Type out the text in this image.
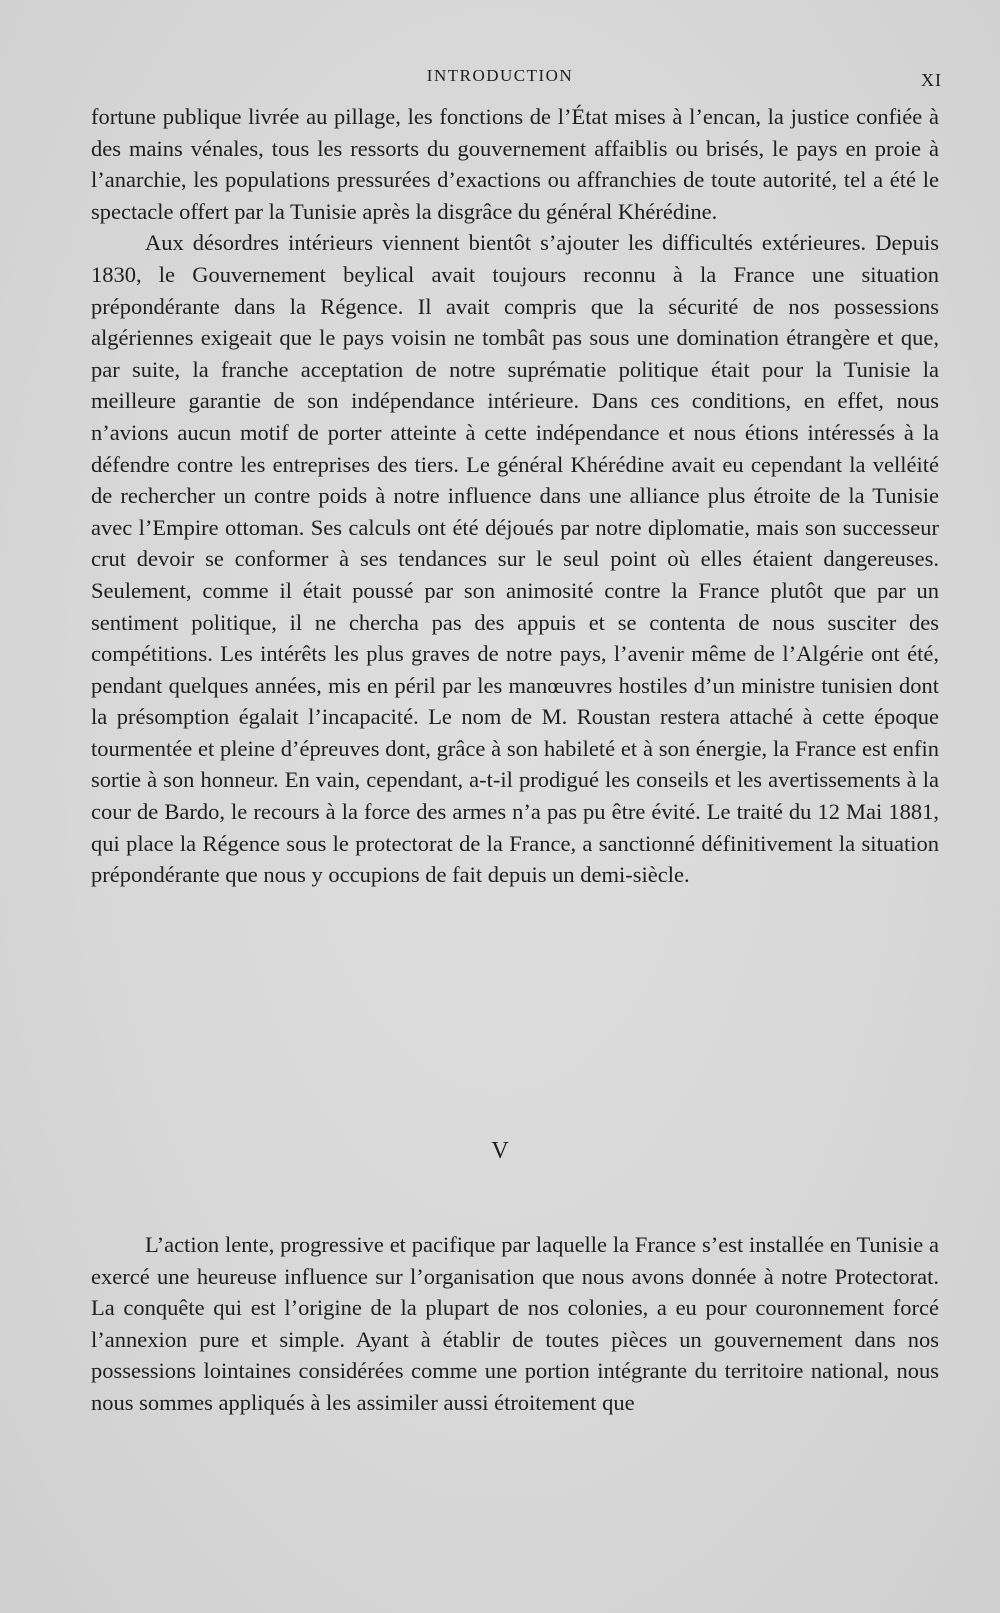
INTRODUCTION	XI

fortune publique livrée au pillage, les fonctions de l’État mises à l’encan, la justice confiée à des mains vénales, tous les ressorts du gouvernement affaiblis ou brisés, le pays en proie à l’anarchie, les populations pressurées d’exactions ou affranchies de toute autorité, tel a été le spectacle offert par la Tunisie après la disgrâce du général Khérédine.

Aux désordres intérieurs viennent bientôt s’ajouter les difficultés extérieures. Depuis 1830, le Gouvernement beylical avait toujours reconnu à la France une situation prépondérante dans la Régence. Il avait compris que la sécurité de nos possessions algériennes exigeait que le pays voisin ne tombât pas sous une domination étrangère et que, par suite, la franche acceptation de notre suprématie politique était pour la Tunisie la meilleure garantie de son indépendance intérieure. Dans ces conditions, en effet, nous n’avions aucun motif de porter atteinte à cette indépendance et nous étions intéressés à la défendre contre les entreprises des tiers. Le général Khérédine avait eu cependant la velléité de rechercher un contre poids à notre influence dans une alliance plus étroite de la Tunisie avec l’Empire ottoman. Ses calculs ont été déjoués par notre diplomatie, mais son successeur crut devoir se conformer à ses tendances sur le seul point où elles étaient dangereuses. Seulement, comme il était poussé par son animosité contre la France plutôt que par un sentiment politique, il ne chercha pas des appuis et se contenta de nous susciter des compétitions. Les intérêts les plus graves de notre pays, l’avenir même de l’Algérie ont été, pendant quelques années, mis en péril par les manœuvres hostiles d’un ministre tunisien dont la présomption égalait l’incapacité. Le nom de M. Roustan restera attaché à cette époque tourmentée et pleine d’épreuves dont, grâce à son habileté et à son énergie, la France est enfin sortie à son honneur. En vain, cependant, a-t-il prodigué les conseils et les avertissements à la cour de Bardo, le recours à la force des armes n’a pas pu être évité. Le traité du 12 Mai 1881, qui place la Régence sous le protectorat de la France, a sanctionné définitivement la situation prépondérante que nous y occupions de fait depuis un demi-siècle.

V

L’action lente, progressive et pacifique par laquelle la France s’est installée en Tunisie a exercé une heureuse influence sur l’organisation que nous avons donnée à notre Protectorat. La conquête qui est l’origine de la plupart de nos colonies, a eu pour couronnement forcé l’annexion pure et simple. Ayant à établir de toutes pièces un gouvernement dans nos possessions lointaines considérées comme une portion intégrante du territoire national, nous nous sommes appliqués à les assimiler aussi étroitement que
